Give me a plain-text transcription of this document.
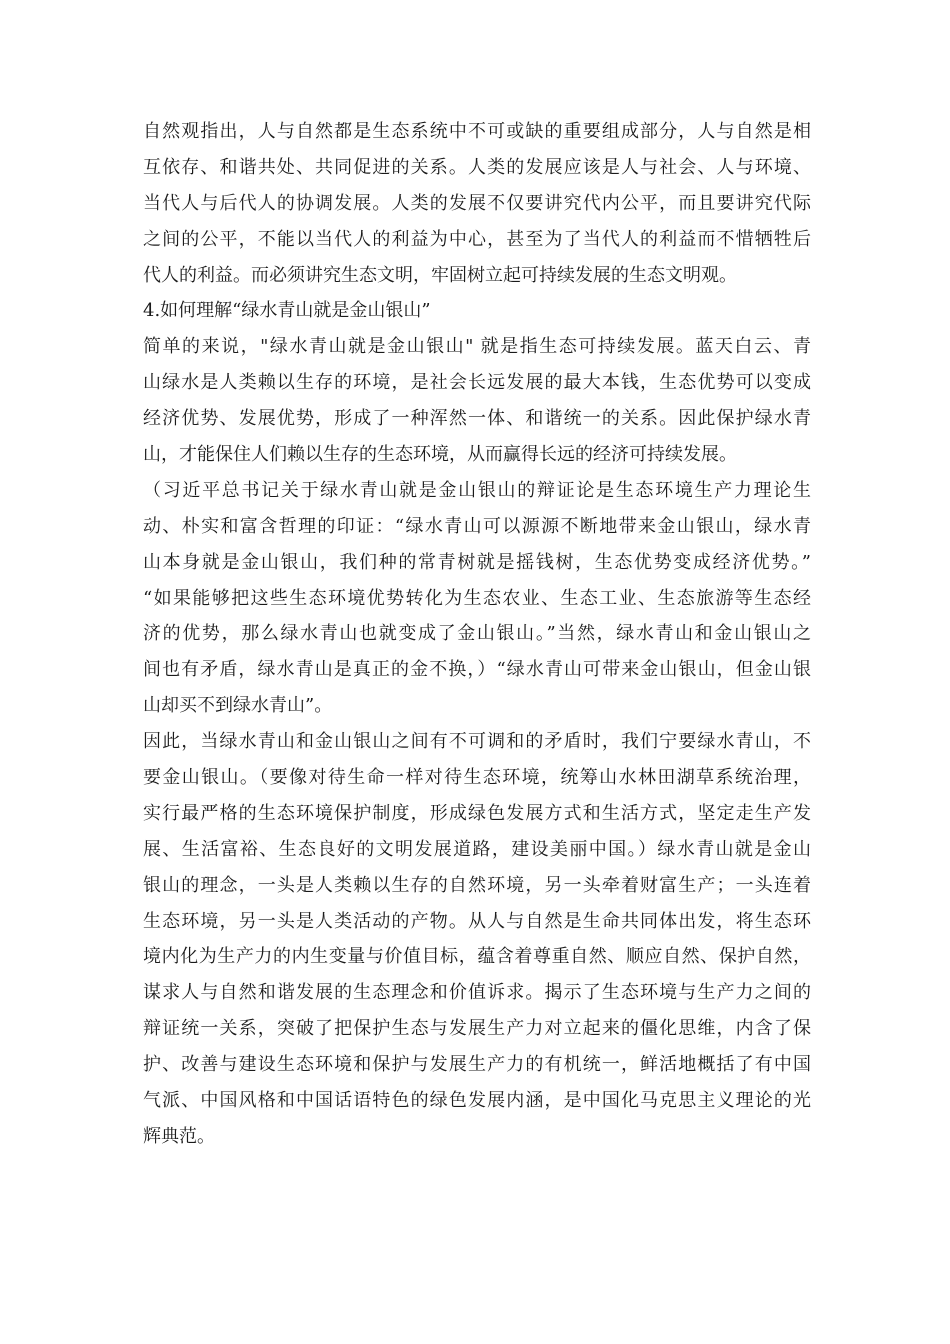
自然观指出，人与自然都是生态系统中不可或缺的重要组成部分，人与自然是相
互依存、和谐共处、共同促进的关系。人类的发展应该是人与社会、人与环境、
当代人与后代人的协调发展。人类的发展不仅要讲究代内公平，而且要讲究代际
之间的公平，不能以当代人的利益为中心，甚至为了当代人的利益而不惜牺牲后
代人的利益。而必须讲究生态文明，牢固树立起可持续发展的生态文明观。
4.如何理解“绿水青山就是金山银山”
简单的来说，"绿水青山就是金山银山" 就是指生态可持续发展。蓝天白云、青
山绿水是人类赖以生存的环境，是社会长远发展的最大本钱，生态优势可以变成
经济优势、发展优势，形成了一种浑然一体、和谐统一的关系。因此保护绿水青
山，才能保住人们赖以生存的生态环境，从而赢得长远的经济可持续发展。
（习近平总书记关于绿水青山就是金山银山的辩证论是生态环境生产力理论生
动、朴实和富含哲理的印证：“绿水青山可以源源不断地带来金山银山，绿水青
山本身就是金山银山，我们种的常青树就是摇钱树，生态优势变成经济优势。”
“如果能够把这些生态环境优势转化为生态农业、生态工业、生态旅游等生态经
济的优势，那么绿水青山也就变成了金山银山。”当然，绿水青山和金山银山之
间也有矛盾，绿水青山是真正的金不换，）“绿水青山可带来金山银山，但金山银
山却买不到绿水青山”。
因此，当绿水青山和金山银山之间有不可调和的矛盾时，我们宁要绿水青山，不
要金山银山。（要像对待生命一样对待生态环境，统筹山水林田湖草系统治理，
实行最严格的生态环境保护制度，形成绿色发展方式和生活方式，坚定走生产发
展、生活富裕、生态良好的文明发展道路，建设美丽中国。）绿水青山就是金山
银山的理念，一头是人类赖以生存的自然环境，另一头牵着财富生产；一头连着
生态环境，另一头是人类活动的产物。从人与自然是生命共同体出发，将生态环
境内化为生产力的内生变量与价值目标，蕴含着尊重自然、顺应自然、保护自然，
谋求人与自然和谐发展的生态理念和价值诉求。揭示了生态环境与生产力之间的
辩证统一关系，突破了把保护生态与发展生产力对立起来的僵化思维，内含了保
护、改善与建设生态环境和保护与发展生产力的有机统一，鲜活地概括了有中国
气派、中国风格和中国话语特色的绿色发展内涵，是中国化马克思主义理论的光
辉典范。
